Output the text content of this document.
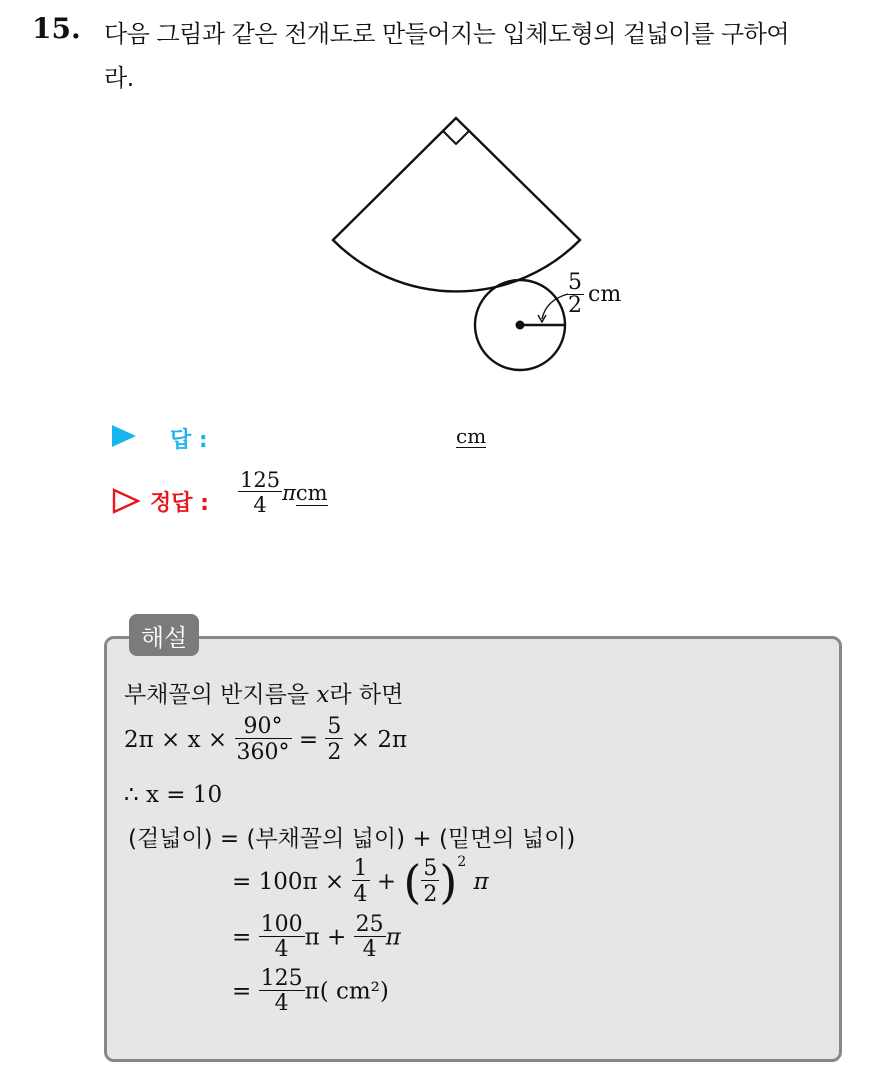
15. 다음 그림과 같은 전개도로 만들어지는 입체도형의 겉넓이를 구하여
라.
$\frac{5}{2}$ cm
답 :	cm
정답 : $\frac{125}{4}$ πcm
해설
부채꼴의 반지름을 x라 하면
$2\pi \times x \times \frac{90^\circ}{360^\circ} = \frac{5}{2} \times 2\pi$
∴ x = 10
(겉넓이) = (부채꼴의 넓이) + (밑면의 넓이)
= $100\pi \times \frac{1}{4}$ + ( $\frac{5}{2} )^2$ π
= $\frac{100}{4}$ $\pi + \frac{25}{4}$ π
= $\frac{125}{4} \pi$( cm²)
